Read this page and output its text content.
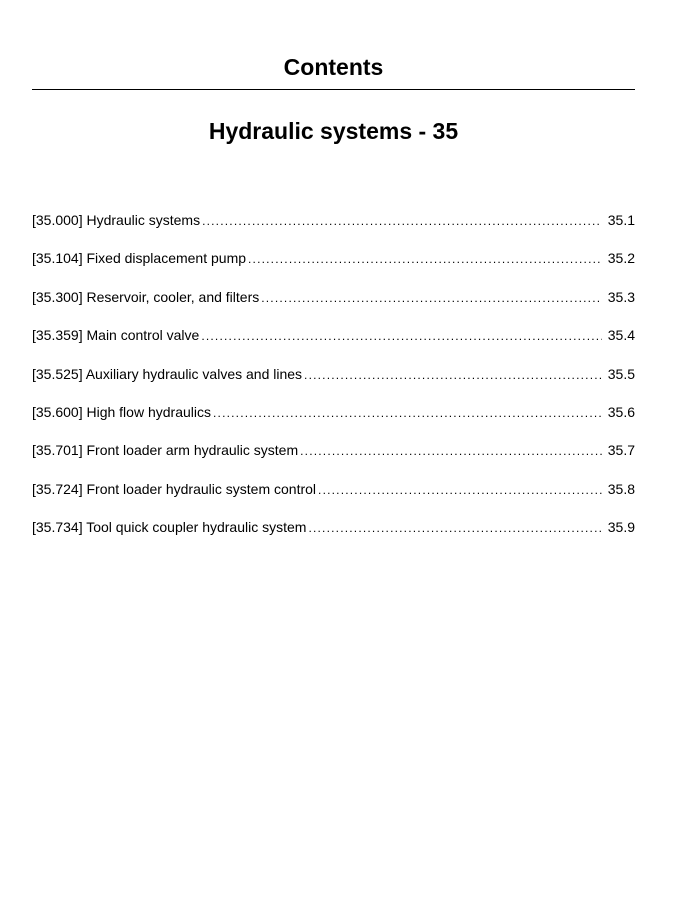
Contents
Hydraulic systems - 35
[35.000] Hydraulic systems .....	35.1
[35.104] Fixed displacement pump .....	35.2
[35.300] Reservoir, cooler, and filters .....	35.3
[35.359] Main control valve .....	35.4
[35.525] Auxiliary hydraulic valves and lines .....	35.5
[35.600] High flow hydraulics .....	35.6
[35.701] Front loader arm hydraulic system .....	35.7
[35.724] Front loader hydraulic system control .....	35.8
[35.734] Tool quick coupler hydraulic system .....	35.9
